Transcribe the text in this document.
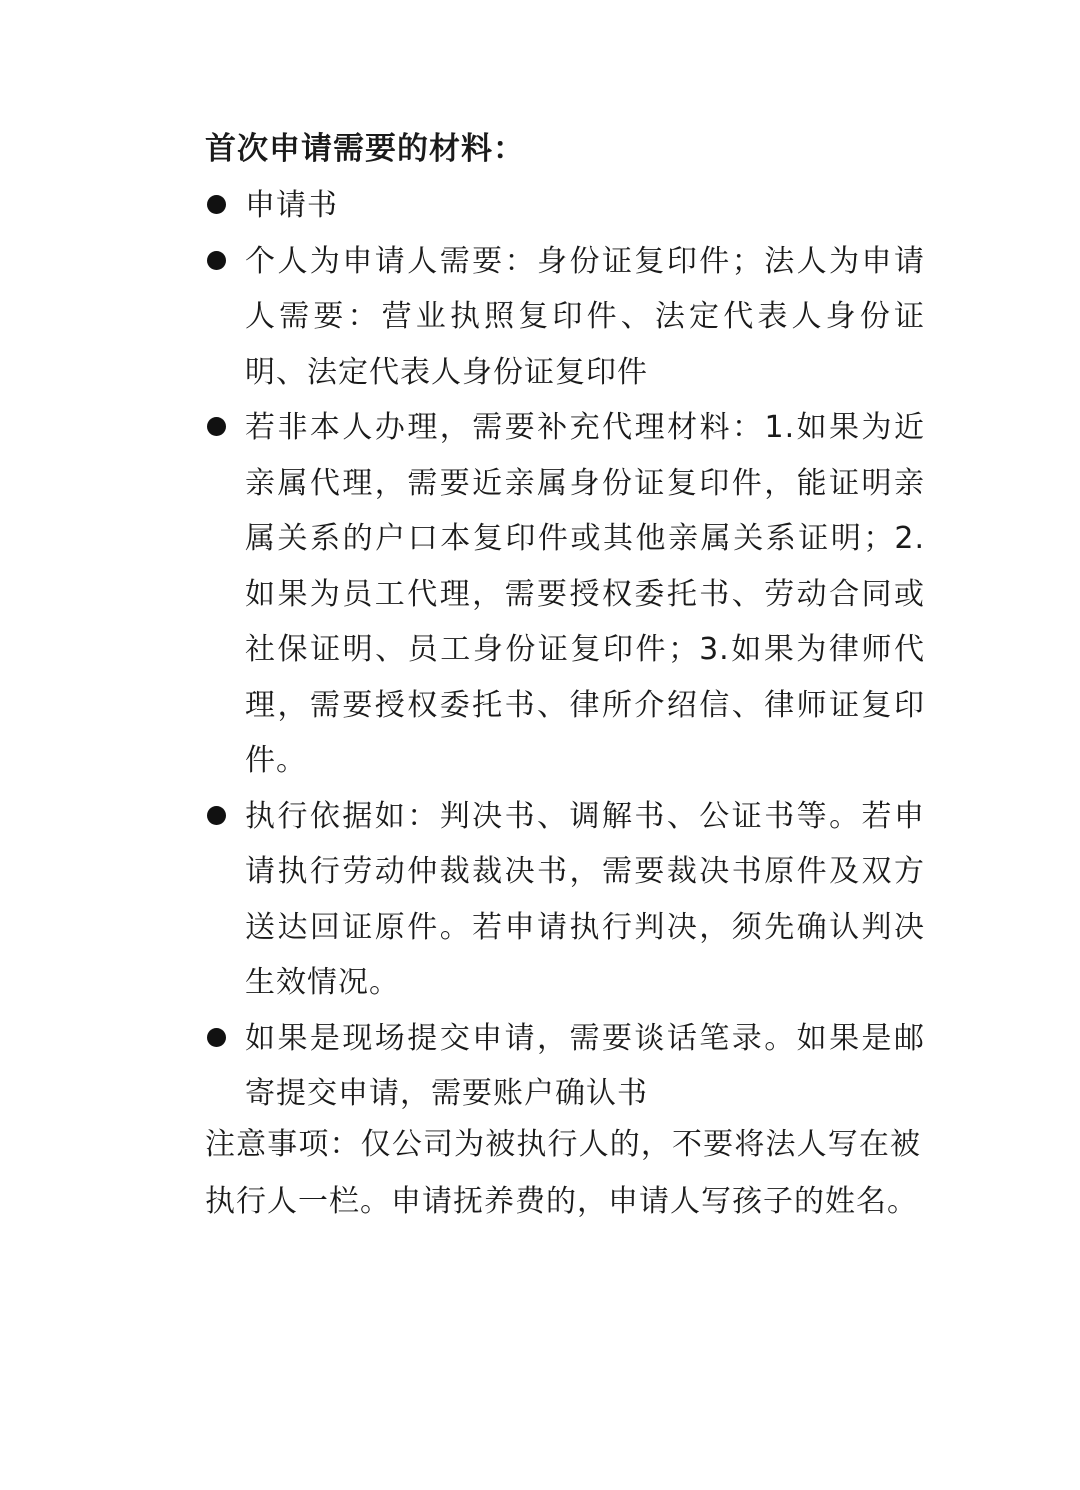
首次申请需要的材料：
申请书
个人为申请人需要：身份证复印件；法人为申请人需要：营业执照复印件、法定代表人身份证明、法定代表人身份证复印件
若非本人办理，需要补充代理材料：1.如果为近亲属代理，需要近亲属身份证复印件，能证明亲属关系的户口本复印件或其他亲属关系证明；2.如果为员工代理，需要授权委托书、劳动合同或社保证明、员工身份证复印件；3.如果为律师代理，需要授权委托书、律所介绍信、律师证复印件。
执行依据如：判决书、调解书、公证书等。若申请执行劳动仲裁裁决书，需要裁决书原件及双方送达回证原件。若申请执行判决，须先确认判决生效情况。
如果是现场提交申请，需要谈话笔录。如果是邮寄提交申请，需要账户确认书
注意事项：仅公司为被执行人的，不要将法人写在被执行人一栏。申请抚养费的，申请人写孩子的姓名。
